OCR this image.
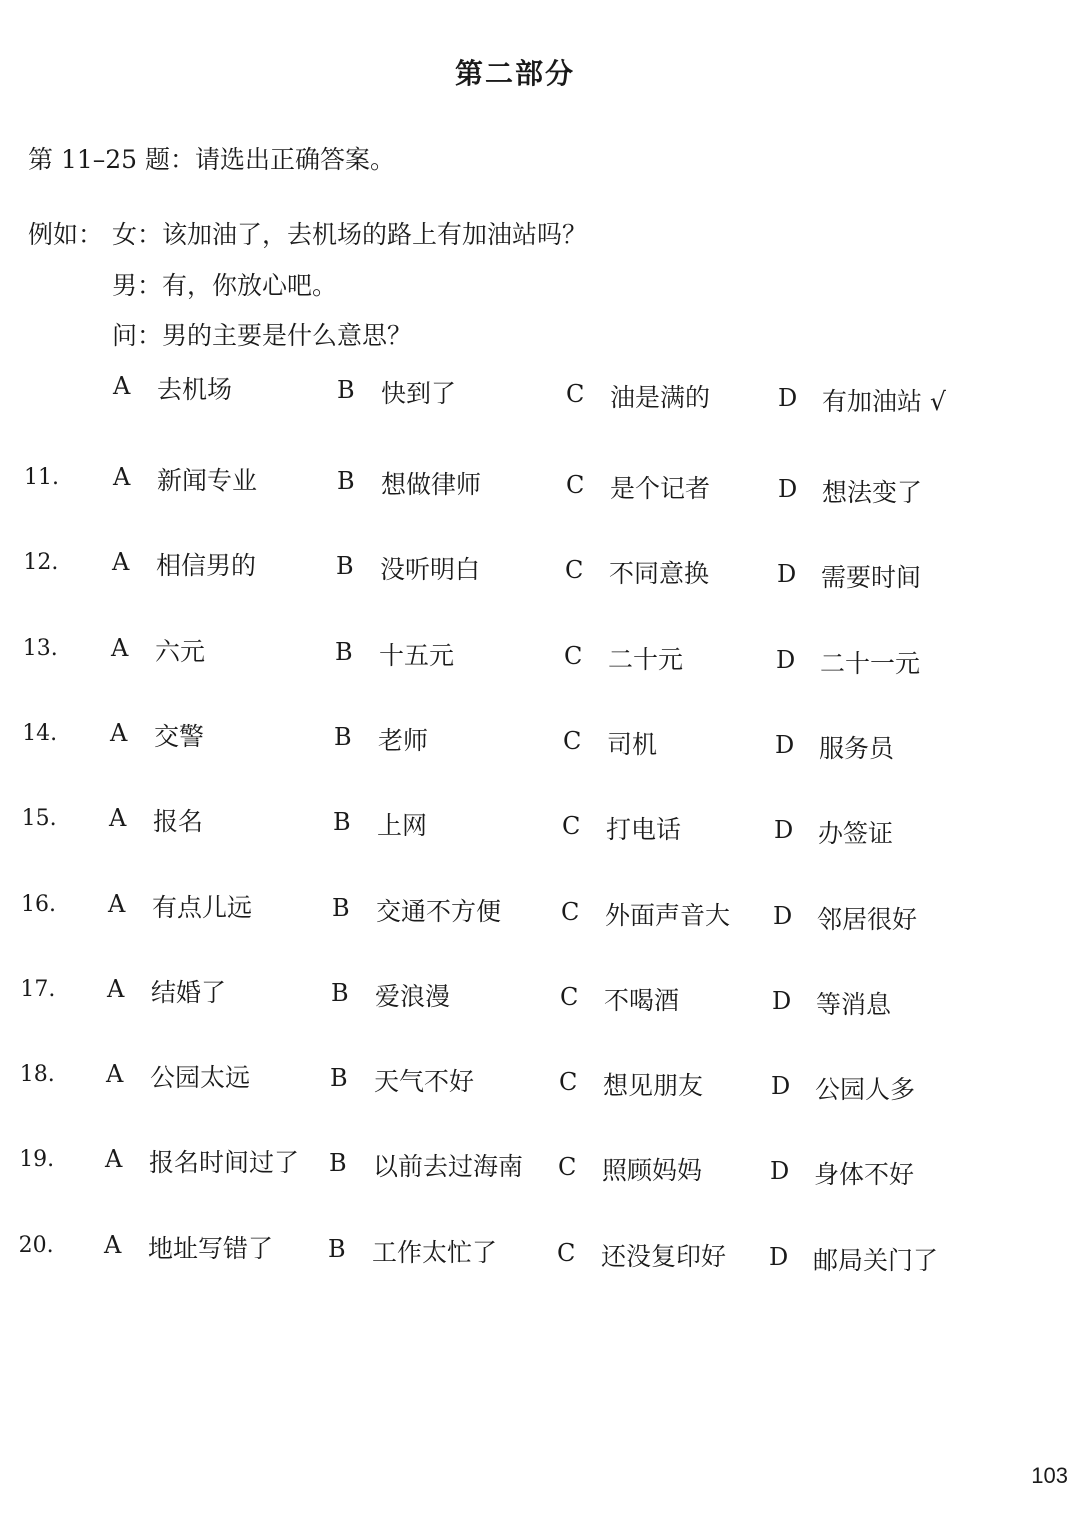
第二部分
第 11–25 题：请选出正确答案。
例如： 女：该加油了，去机场的路上有加油站吗？
男：有，你放心吧。
问：男的主要是什么意思？
A 去机场	B 快到了	C 油是满的	D 有加油站 √
11. A 新闻专业	B 想做律师	C 是个记者	D 想法变了
12. A 相信男的	B 没听明白	C 不同意换	D 需要时间
13. A 六元	B 十五元	C 二十元	D 二十一元
14. A 交警	B 老师	C 司机	D 服务员
15. A 报名	B 上网	C 打电话	D 办签证
16. A 有点儿远	B 交通不方便 C 外面声音大 D 邻居很好
17. A 结婚了	B 爱浪漫	C 不喝酒	D 等消息
18. A 公园太远	B 天气不好	C 想见朋友	D 公园人多
19. A 报名时间过了 B 以前去过海南 C 照顾妈妈	D 身体不好
20. A 地址写错了 B 工作太忙了 C 还没复印好 D 邮局关门了
103
